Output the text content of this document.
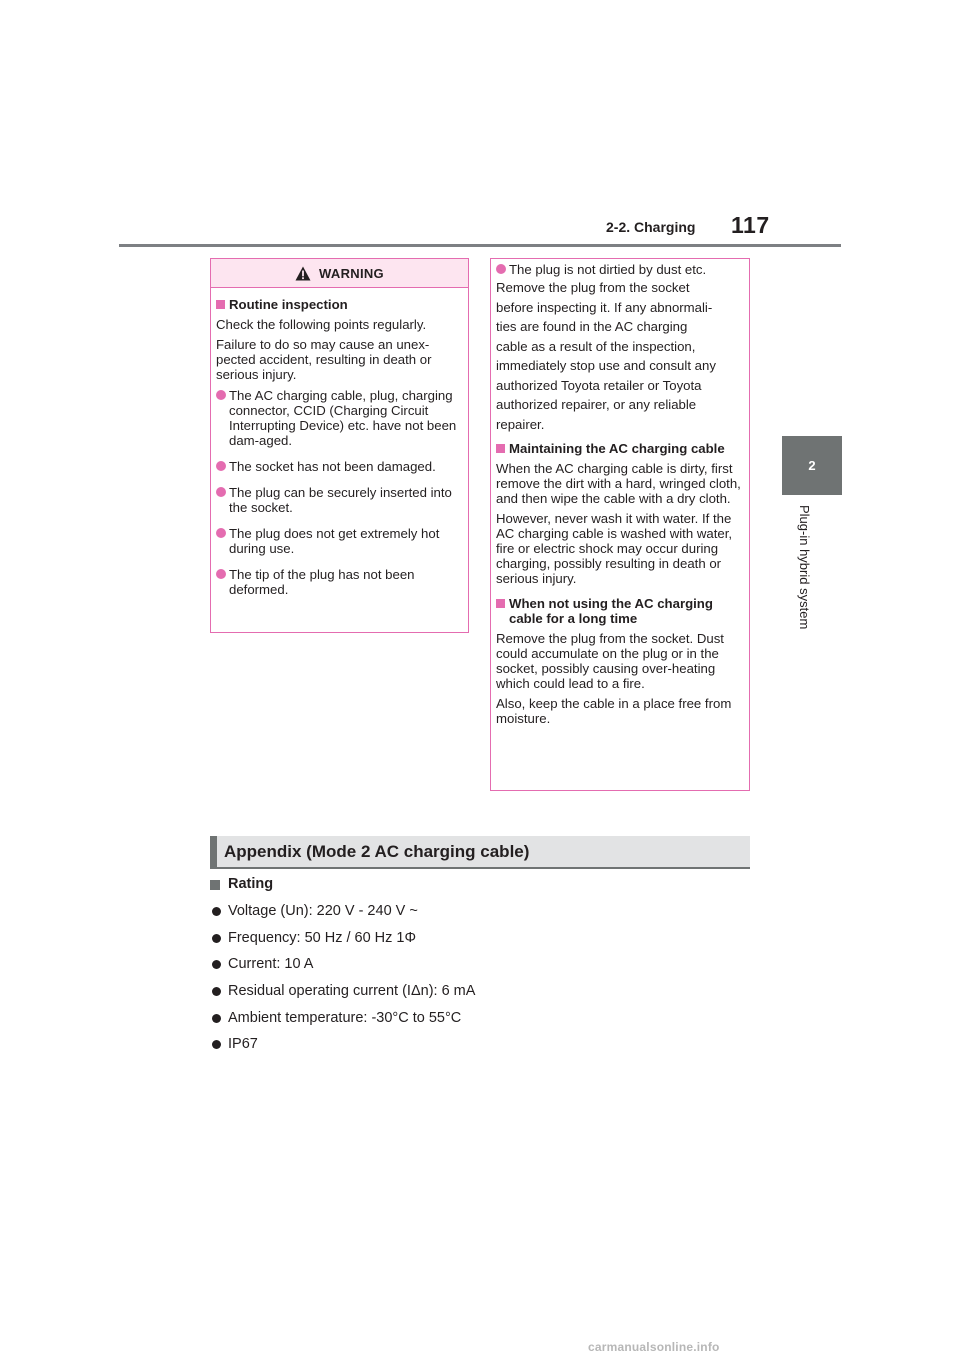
2-2. Charging 117
2
Plug-in hybrid system
WARNING
Routine inspection
Check the following points regularly.
Failure to do so may cause an unex-pected accident, resulting in death or serious injury.
The AC charging cable, plug, charging connector, CCID (Charging Circuit Interrupting Device) etc. have not been dam-aged.
The socket has not been damaged.
The plug can be securely inserted into the socket.
The plug does not get extremely hot during use.
The tip of the plug has not been deformed.
The plug is not dirtied by dust etc.
Remove the plug from the socket
before inspecting it. If any abnormali-
ties are found in the AC charging
cable as a result of the inspection,
immediately stop use and consult any
authorized Toyota retailer or Toyota
authorized repairer, or any reliable
repairer.
Maintaining the AC charging cable
When the AC charging cable is dirty, first remove the dirt with a hard, wringed cloth, and then wipe the cable with a dry cloth.
However, never wash it with water. If the AC charging cable is washed with water, fire or electric shock may occur during charging, possibly resulting in death or serious injury.
When not using the AC charging cable for a long time
Remove the plug from the socket. Dust could accumulate on the plug or in the socket, possibly causing over-heating which could lead to a fire.
Also, keep the cable in a place free from moisture.
Appendix (Mode 2 AC charging cable)
Rating
Voltage (Un): 220 V - 240 V ~
Frequency: 50 Hz / 60 Hz 1Φ
Current: 10 A
Residual operating current (IΔn): 6 mA
Ambient temperature: -30°C to 55°C
IP67
carmanualsonline.info
